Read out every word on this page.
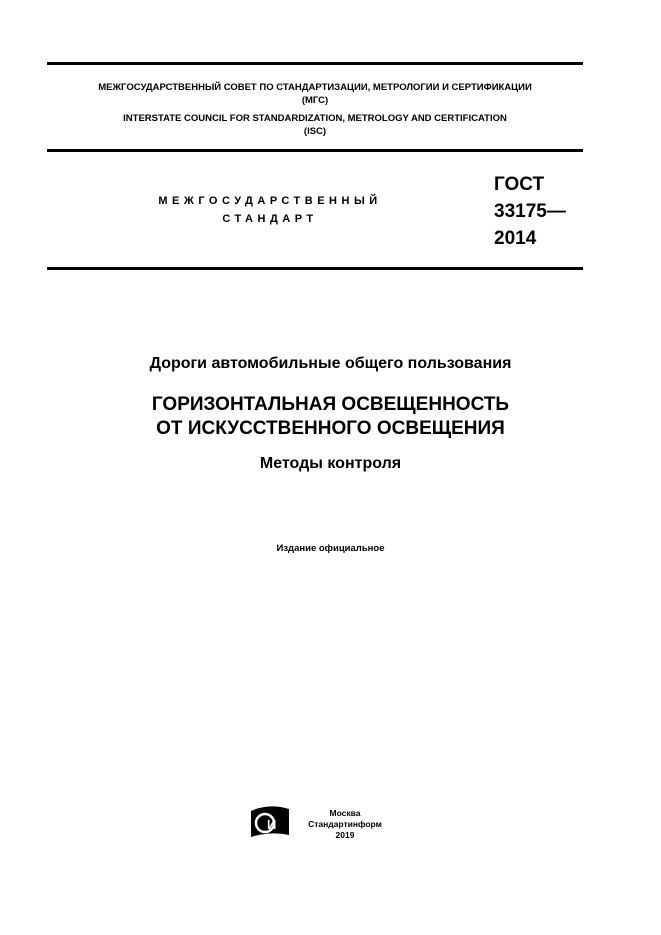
МЕЖГОСУДАРСТВЕННЫЙ СОВЕТ ПО СТАНДАРТИЗАЦИИ, МЕТРОЛОГИИ И СЕРТИФИКАЦИИ
(МГС)
INTERSTATE COUNCIL FOR STANDARDIZATION, METROLOGY AND CERTIFICATION
(ISC)
МЕЖГОСУДАРСТВЕННЫЙ
СТАНДАРТ
ГОСТ
33175—
2014
Дороги автомобильные общего пользования
ГОРИЗОНТАЛЬНАЯ ОСВЕЩЕННОСТЬ
ОТ ИСКУССТВЕННОГО ОСВЕЩЕНИЯ
Методы контроля
Издание официальное
И
Москва
Стандартинформ
2019
